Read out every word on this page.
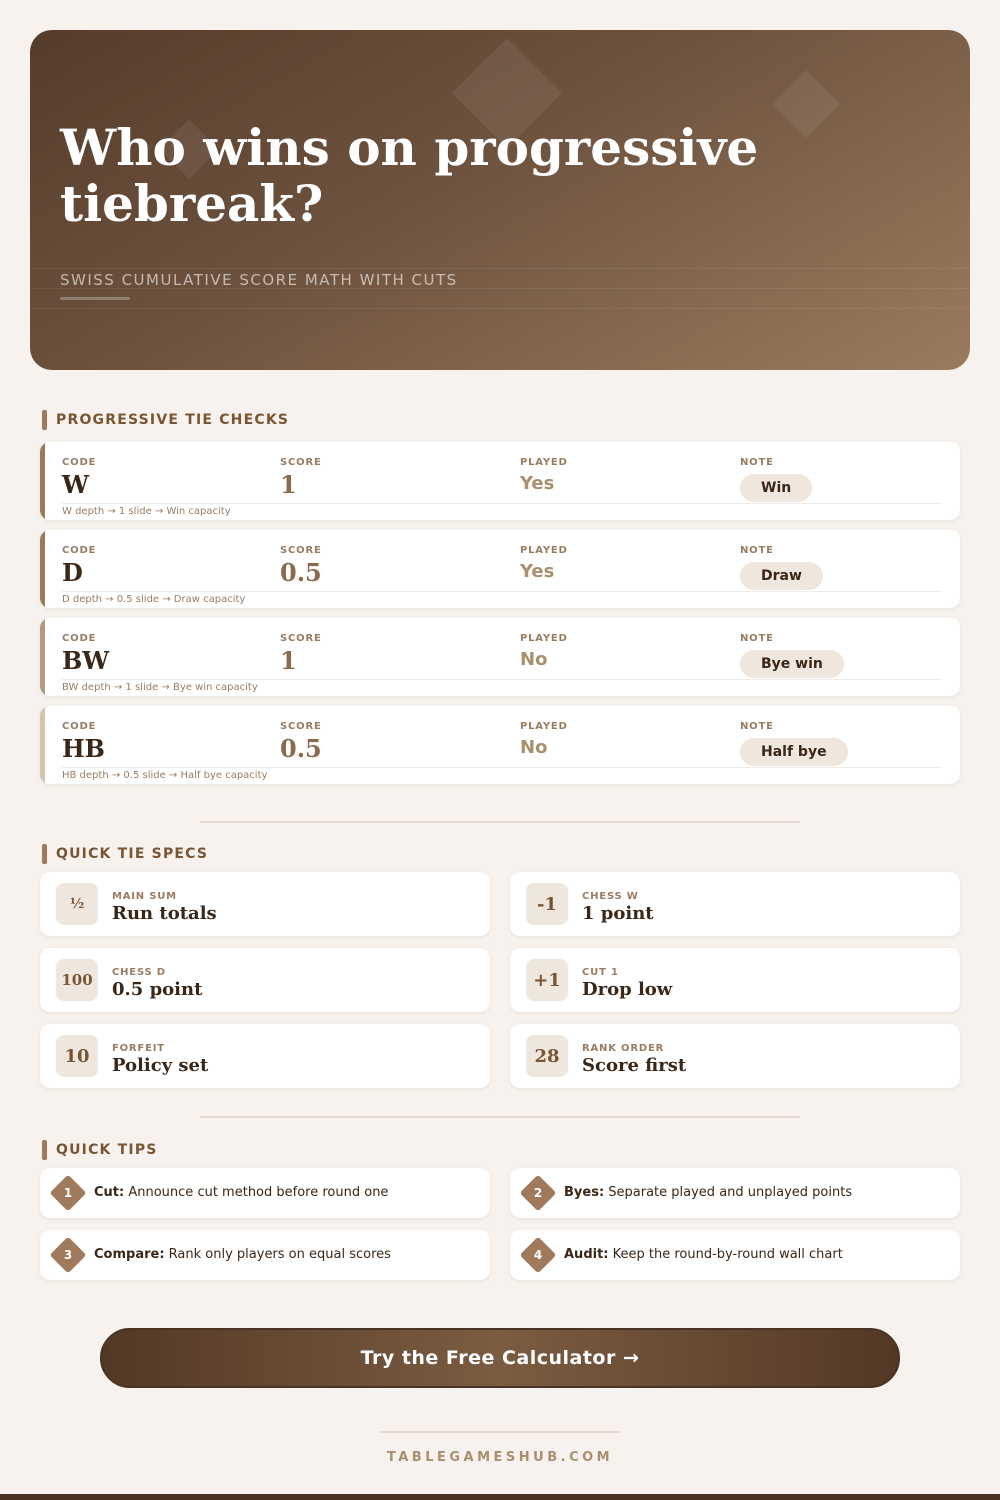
Who wins on progressive tiebreak?
SWISS CUMULATIVE SCORE MATH WITH CUTS
PROGRESSIVE TIE CHECKS
CODE
W
SCORE
1
PLAYED
Yes
NOTE
Win
W depth → 1 slide → Win capacity
CODE
D
SCORE
0.5
PLAYED
Yes
NOTE
Draw
D depth → 0.5 slide → Draw capacity
CODE
BW
SCORE
1
PLAYED
No
NOTE
Bye win
BW depth → 1 slide → Bye win capacity
CODE
HB
SCORE
0.5
PLAYED
No
NOTE
Half bye
HB depth → 0.5 slide → Half bye capacity
QUICK TIE SPECS
½	MAIN SUM
Run totals	-1	CHESS W
1 point
100	CHESS D
0.5 point	+1	CUT 1
Drop low
10	FORFEIT
Policy set	28	RANK ORDER
Score first
QUICK TIPS
1	Cut: Announce cut method before round one	2	Byes: Separate played and unplayed points
3	Compare: Rank only players on equal scores	4	Audit: Keep the round-by-round wall chart
Try the Free Calculator →
TABLEGAMESHUB.COM
